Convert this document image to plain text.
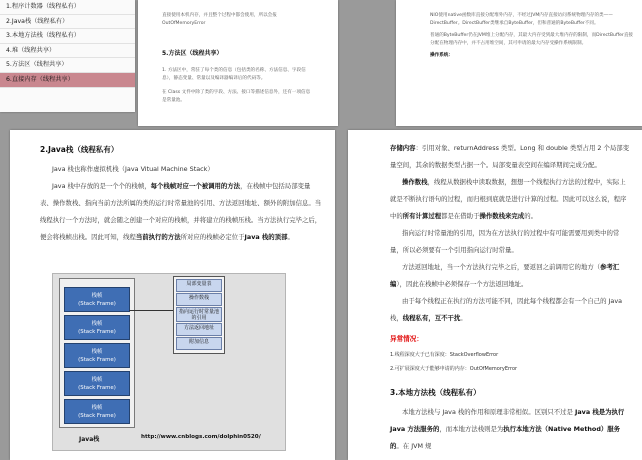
1.程序计数器（线程私有）
2.Java栈（线程私有）
3.本地方法栈（线程私有）
4.堆（线程共享）
5.方法区（线程共享）
6.直接内存（线程共享）
直接使用本机内存，并且整个过程中都会使用，所以会报 OutOfMemoryError
5.方法区（线程共享）
1. 方法区中，常驻了每个类的信息（包括类的名称、方法信息、字段信息），静态变量、常量以及编译器编译后的代码等。
在 Class 文件中除了类的字段、方法、接口等描述信息外，还有一项信息是常量池。
NIO使用native函数库直接分配堆外内存，不经过JVM内存直接访问系统物理内存的类——DirectBuffer。DirectBuffer类继承自ByteBuffer，但和普通的ByteBuffer不同。
普通的ByteBuffer仍在JVM堆上分配内存，其最大内存受到最大堆内存的限制，而DirectBuffer直接分配在物理内存中，并不占用堆空间，其可申请的最大内存受操作系统限制。
操作系统：
2.Java栈（线程私有）
Java 栈也称作虚拟机栈（Java Vitual Machine Stack）
Java 栈中存放的是一个个的栈帧，每个栈帧对应一个被调用的方法，在栈帧中包括局部变量表、操作数栈、指向当前方法所属的类的运行时常量池的引用、方法返回地址、额外的附加信息。当线程执行一个方法时，就会随之创建一个对应的栈帧，并将建立的栈帧压栈。当方法执行完毕之后，便会将栈帧出栈。因此可知，线程当前执行的方法所对应的栈帧必定位于Java 栈的顶部。
栈帧
(Stack Frame)
栈帧
(Stack Frame)
栈帧
(Stack Frame)
栈帧
(Stack Frame)
栈帧
(Stack Frame)
局部变量表
操作数栈
指向运行时常量池的引用
方法返回地址
附加信息
Java栈	http://www.cnblogs.com/dolphin0520/
存储内容：引用对象、returnAddress 类型。Long 和 double 类型占用 2 个局部变量空间，其余的数据类型占据一个。局部变量表空间在编译期间完成分配。
操作数栈，线程从数据栈中读取数据，想想一个线程执行方法的过程中，实际上就是不断执行语句的过程，而归根到底就是进行计算的过程。因此可以这么说，程序中的所有计算过程都是在借助于操作数栈来完成的。
指向运行时常量池的引用，因为在方法执行的过程中有可能需要用到类中的常量，所以必须要有一个引用指向运行时常量。
方法返回地址，当一个方法执行完毕之后，要返回之前调用它的地方（参考汇编），因此在栈帧中必须保存一个方法返回地址。
由于每个线程正在执行的方法可能不同，因此每个线程都会有一个自己的 Java 栈，线程私有，互不干扰。
异常情况：
1.线程深度大于已有深度：StackOverflowError
2.可扩展深度大于能够申请的内存：OutOfMemoryError
3.本地方法栈（线程私有）
本地方法栈与 Java 栈的作用和原理非常相似。区别只不过是 Java 栈是为执行 Java 方法服务的，而本地方法栈则是为执行本地方法（Native Method）服务的。在 JVM 规
